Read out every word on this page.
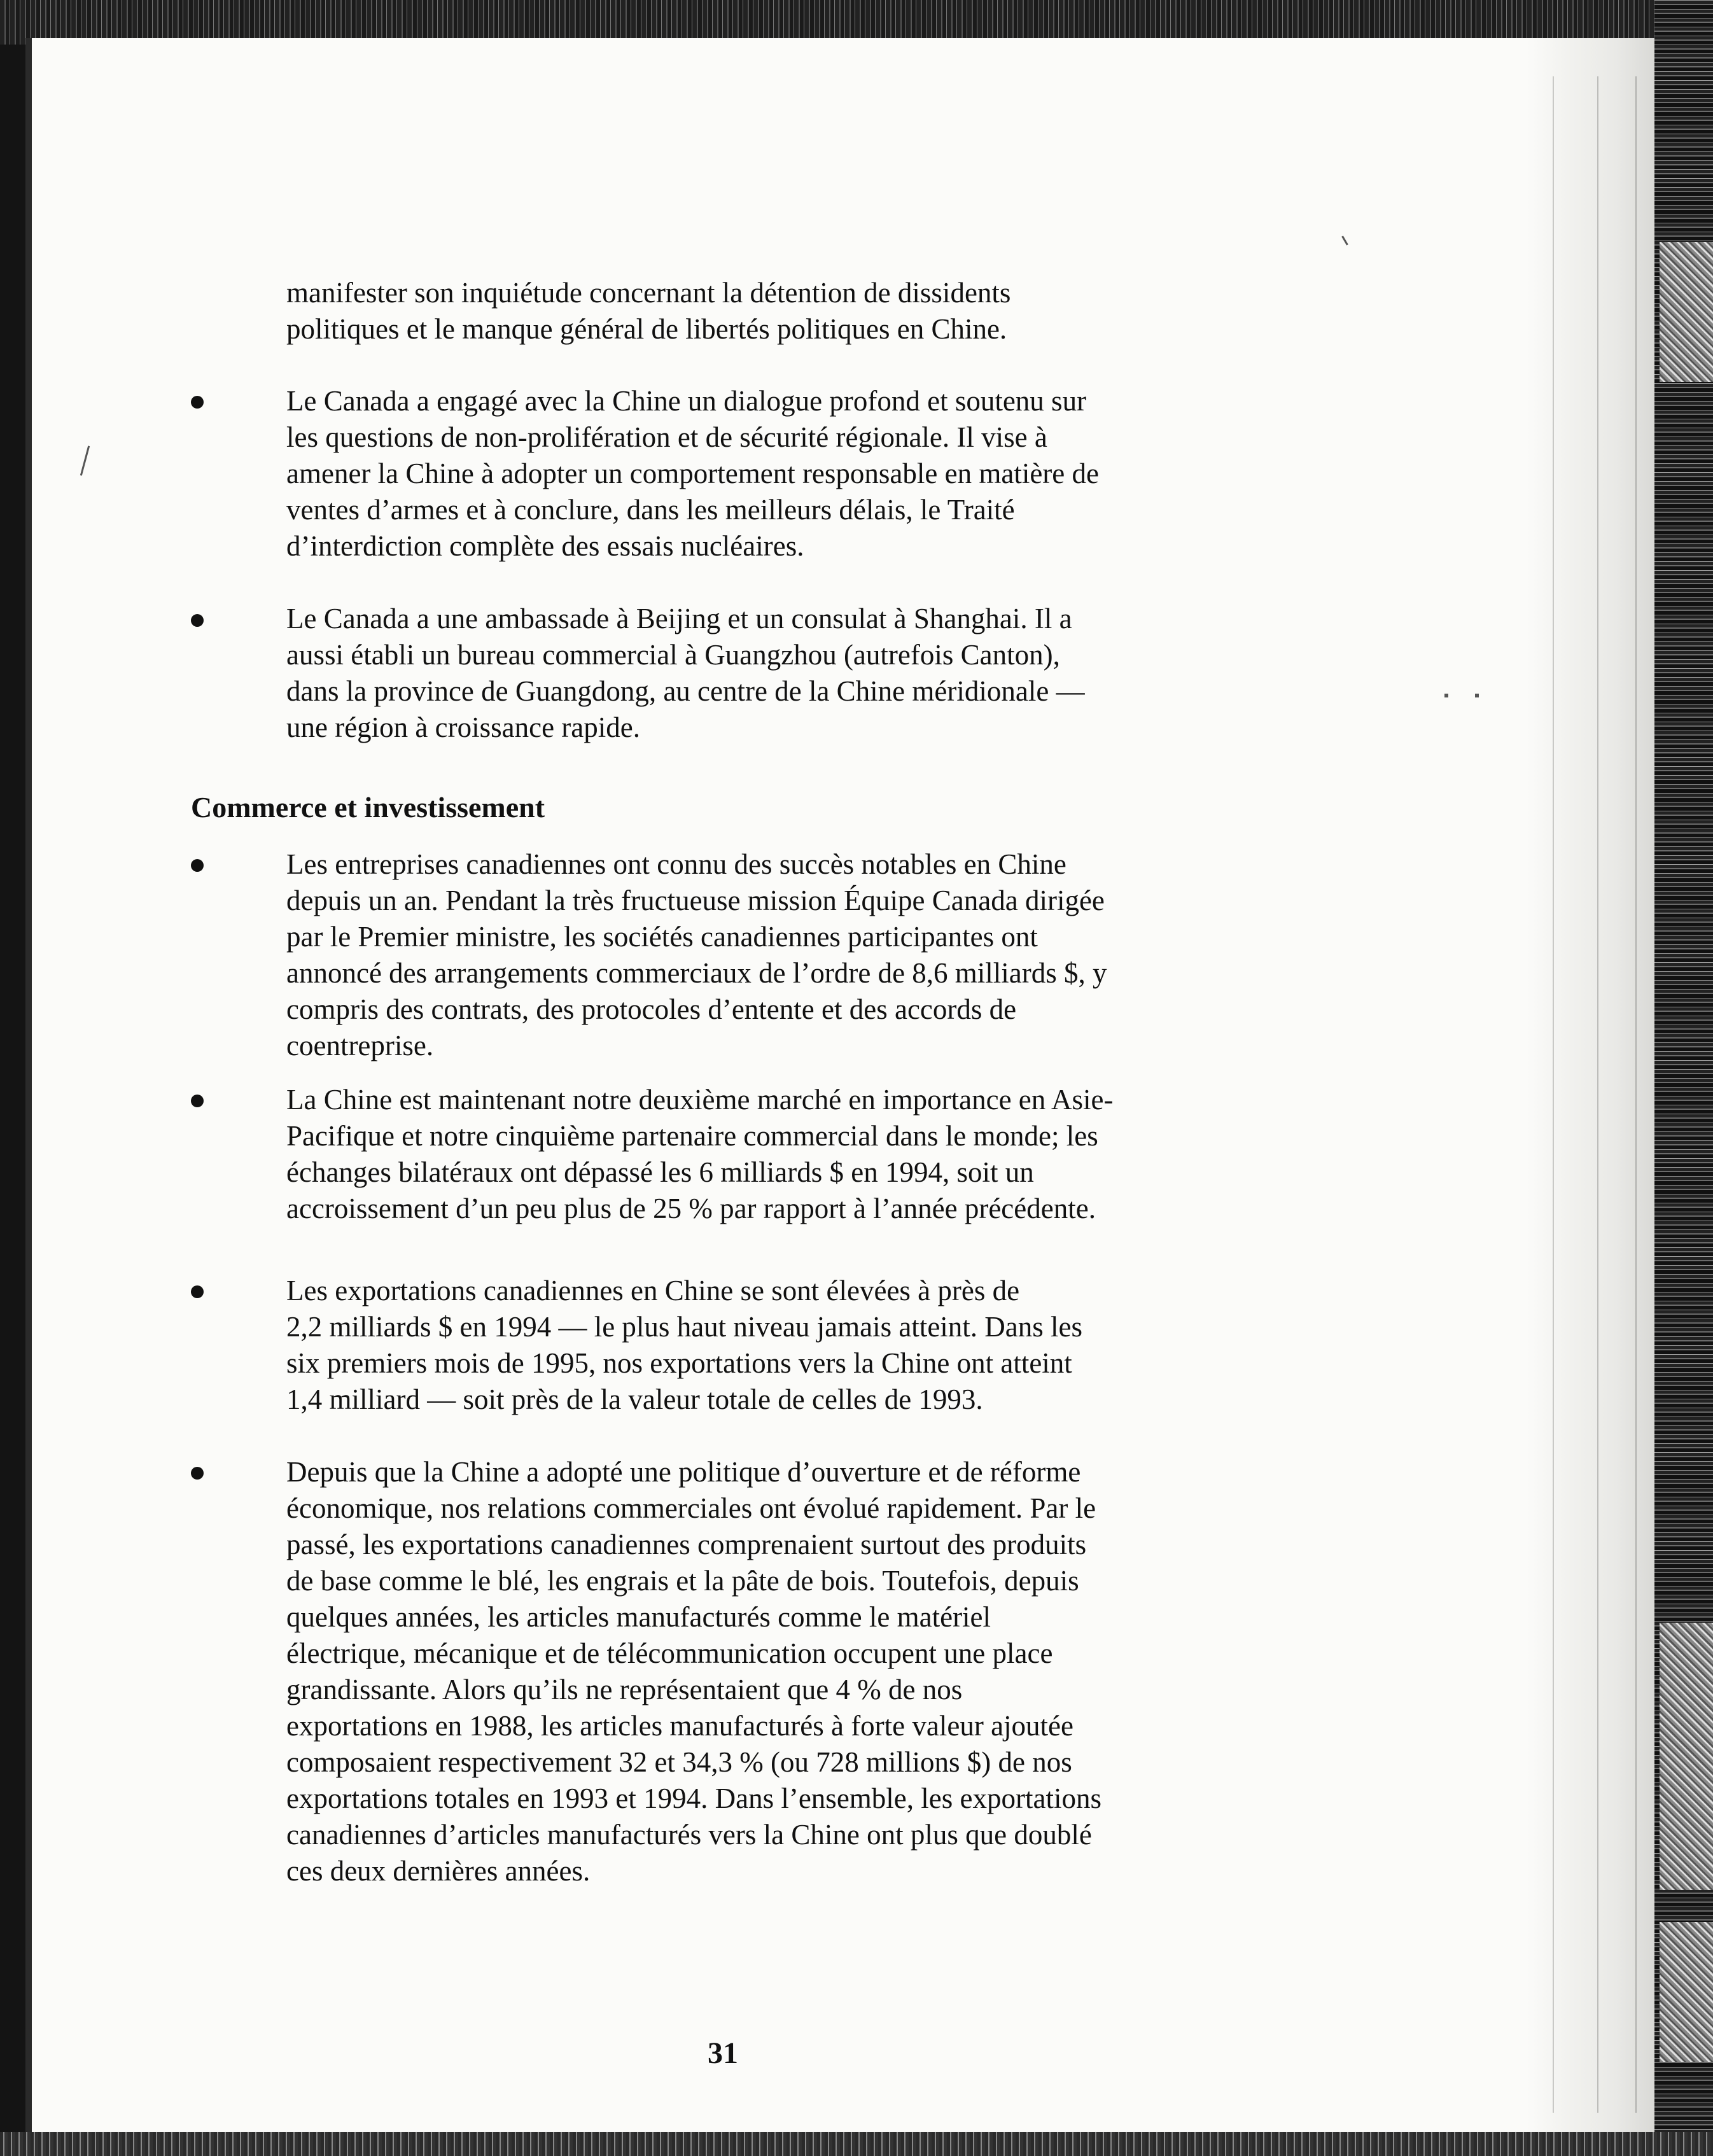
manifester son inquiétude concernant la détention de dissidents
politiques et le manque général de libertés politiques en Chine.
Le Canada a engagé avec la Chine un dialogue profond et soutenu sur
les questions de non-prolifération et de sécurité régionale. Il vise à
amener la Chine à adopter un comportement responsable en matière de
ventes d’armes et à conclure, dans les meilleurs délais, le Traité
d’interdiction complète des essais nucléaires.
Le Canada a une ambassade à Beijing et un consulat à Shanghai. Il a
aussi établi un bureau commercial à Guangzhou (autrefois Canton),
dans la province de Guangdong, au centre de la Chine méridionale —
une région à croissance rapide.
Commerce et investissement
Les entreprises canadiennes ont connu des succès notables en Chine
depuis un an. Pendant la très fructueuse mission Équipe Canada dirigée
par le Premier ministre, les sociétés canadiennes participantes ont
annoncé des arrangements commerciaux de l’ordre de 8,6 milliards $, y
compris des contrats, des protocoles d’entente et des accords de
coentreprise.
La Chine est maintenant notre deuxième marché en importance en Asie-
Pacifique et notre cinquième partenaire commercial dans le monde; les
échanges bilatéraux ont dépassé les 6 milliards $ en 1994, soit un
accroissement d’un peu plus de 25 % par rapport à l’année précédente.
Les exportations canadiennes en Chine se sont élevées à près de
2,2 milliards $ en 1994 — le plus haut niveau jamais atteint. Dans les
six premiers mois de 1995, nos exportations vers la Chine ont atteint
1,4 milliard — soit près de la valeur totale de celles de 1993.
Depuis que la Chine a adopté une politique d’ouverture et de réforme
économique, nos relations commerciales ont évolué rapidement. Par le
passé, les exportations canadiennes comprenaient surtout des produits
de base comme le blé, les engrais et la pâte de bois. Toutefois, depuis
quelques années, les articles manufacturés comme le matériel
électrique, mécanique et de télécommunication occupent une place
grandissante. Alors qu’ils ne représentaient que 4 % de nos
exportations en 1988, les articles manufacturés à forte valeur ajoutée
composaient respectivement 32 et 34,3 % (ou 728 millions $) de nos
exportations totales en 1993 et 1994. Dans l’ensemble, les exportations
canadiennes d’articles manufacturés vers la Chine ont plus que doublé
ces deux dernières années.
31
